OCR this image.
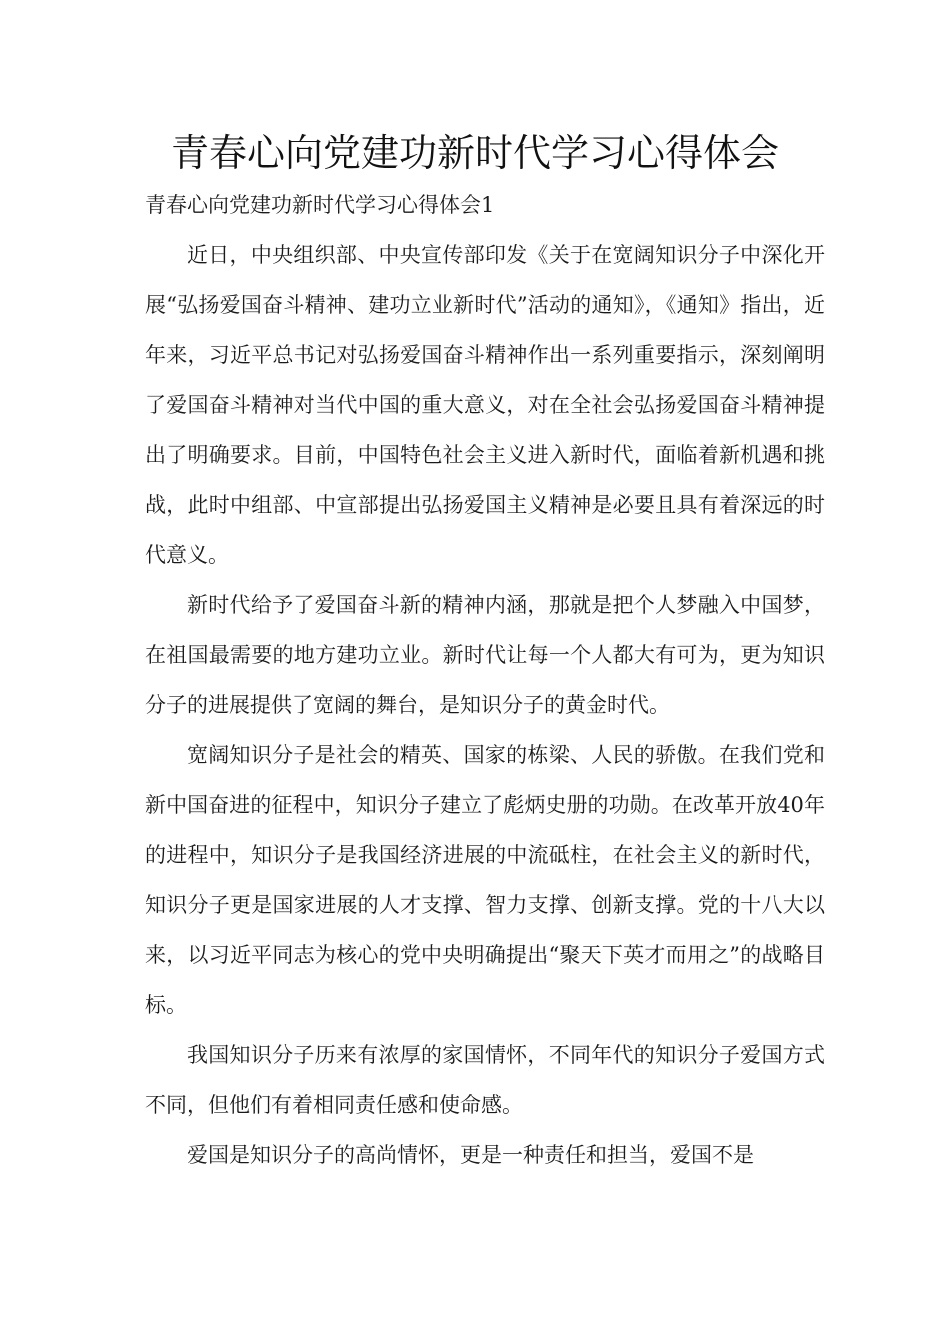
青春心向党建功新时代学习心得体会

青春心向党建功新时代学习心得体会1

近日，中央组织部、中央宣传部印发《关于在宽阔知识分子中深化开展“弘扬爱国奋斗精神、建功立业新时代”活动的通知》，《通知》指出，近年来，习近平总书记对弘扬爱国奋斗精神作出一系列重要指示，深刻阐明了爱国奋斗精神对当代中国的重大意义，对在全社会弘扬爱国奋斗精神提出了明确要求。目前，中国特色社会主义进入新时代，面临着新机遇和挑战，此时中组部、中宣部提出弘扬爱国主义精神是必要且具有着深远的时代意义。

新时代给予了爱国奋斗新的精神内涵，那就是把个人梦融入中国梦，在祖国最需要的地方建功立业。新时代让每一个人都大有可为，更为知识分子的进展提供了宽阔的舞台，是知识分子的黄金时代。

宽阔知识分子是社会的精英、国家的栋梁、人民的骄傲。在我们党和新中国奋进的征程中，知识分子建立了彪炳史册的功勋。在改革开放40年的进程中，知识分子是我国经济进展的中流砥柱，在社会主义的新时代，知识分子更是国家进展的人才支撑、智力支撑、创新支撑。党的十八大以来，以习近平同志为核心的党中央明确提出“聚天下英才而用之”的战略目标。

我国知识分子历来有浓厚的家国情怀，不同年代的知识分子爱国方式不同，但他们有着相同责任感和使命感。

爱国是知识分子的高尚情怀，更是一种责任和担当，爱国不是
